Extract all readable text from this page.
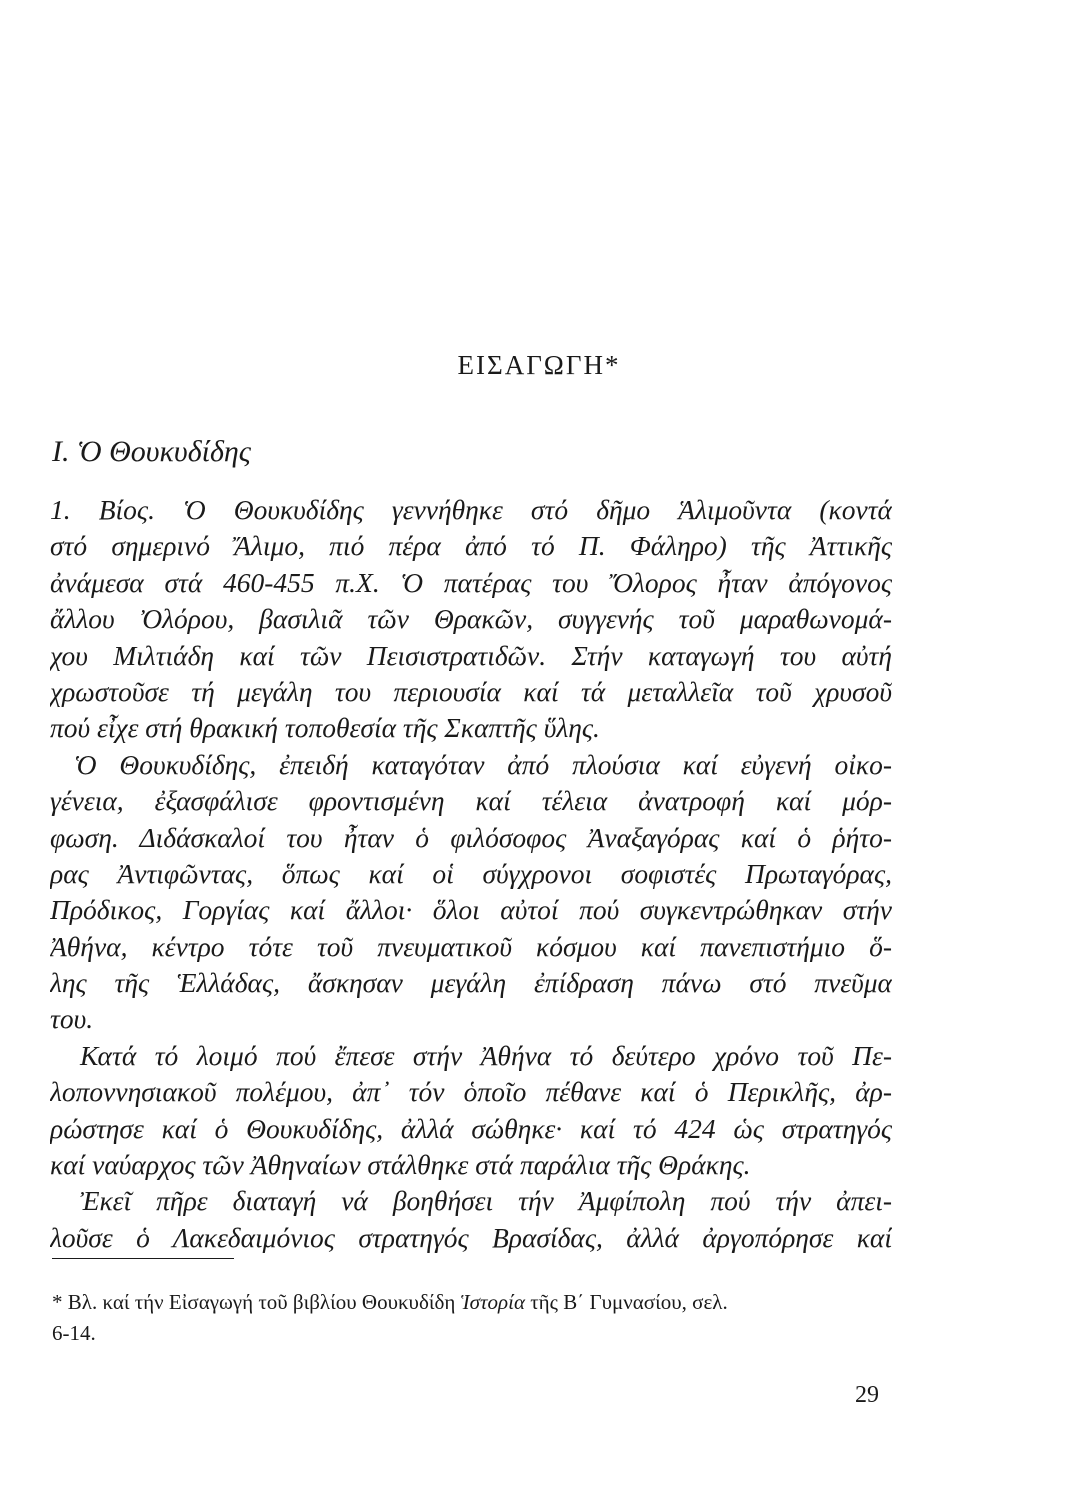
ΕΙΣΑΓΩΓΗ*
Ι. Ὁ Θουκυδίδης
1. Βίος. Ὁ Θουκυδίδης γεννήθηκε στό δῆμο Ἁλιμοῦντα (κοντά
στό σημερινό Ἄλιμο, πιό πέρα ἀπό τό Π. Φάληρο) τῆς Ἀττικῆς
ἀνάμεσα στά 460-455 π.Χ. Ὁ πατέρας του Ὄλορος ἦταν ἀπόγονος
ἄλλου Ὀλόρου, βασιλιᾶ τῶν Θρακῶν, συγγενής τοῦ μαραθωνομά-
χου Μιλτιάδη καί τῶν Πεισιστρατιδῶν. Στήν καταγωγή του αὐτή
χρωστοῦσε τή μεγάλη του περιουσία καί τά μεταλλεῖα τοῦ χρυσοῦ
πού εἶχε στή θρακική τοποθεσία τῆς Σκαπτῆς ὕλης.
Ὁ Θουκυδίδης, ἐπειδή καταγόταν ἀπό πλούσια καί εὐγενή οἰκο-
γένεια, ἐξασφάλισε φροντισμένη καί τέλεια ἀνατροφή καί μόρ-
φωση. Διδάσκαλοί του ἦταν ὁ φιλόσοφος Ἀναξαγόρας καί ὁ ῥήτο-
ρας Ἀντιφῶντας, ὅπως καί οἱ σύγχρονοι σοφιστές Πρωταγόρας,
Πρόδικος, Γοργίας καί ἄλλοι· ὅλοι αὐτοί πού συγκεντρώθηκαν στήν
Ἀθήνα, κέντρο τότε τοῦ πνευματικοῦ κόσμου καί πανεπιστήμιο ὅ-
λης τῆς Ἑλλάδας, ἄσκησαν μεγάλη ἐπίδραση πάνω στό πνεῦμα
του.
Κατά τό λοιμό πού ἔπεσε στήν Ἀθήνα τό δεύτερο χρόνο τοῦ Πε-
λοποννησιακοῦ πολέμου, ἀπ᾽ τόν ὁποῖο πέθανε καί ὁ Περικλῆς, ἀρ-
ρώστησε καί ὁ Θουκυδίδης, ἀλλά σώθηκε· καί τό 424 ὡς στρατηγός
καί ναύαρχος τῶν Ἀθηναίων στάλθηκε στά παράλια τῆς Θράκης.
Ἐκεῖ πῆρε διαταγή νά βοηθήσει τήν Ἀμφίπολη πού τήν ἀπει-
λοῦσε ὁ Λακεδαιμόνιος στρατηγός Βρασίδας, ἀλλά ἀργοπόρησε καί
* Βλ. καί τήν Εἰσαγωγή τοῦ βιβλίου Θουκυδίδη Ἱστορία τῆς Β΄ Γυμνασίου, σελ.
6-14.
29
